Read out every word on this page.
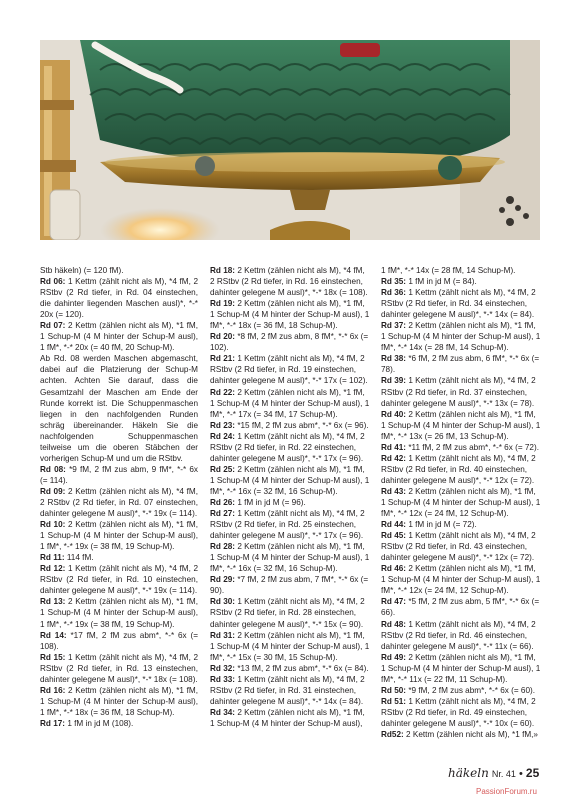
Stb häkeln) (= 120 fM).

Rd 06: 1 Kettm (zählt nicht als M), *4 fM, 2 RStbv (2 Rd tiefer, in Rd. 04 einstechen, die dahinter liegenden Maschen ausl)*, *-* 20x (= 120).

Rd 07: 2 Kettm (zählen nicht als M), *1 fM, 1 Schup-M (4 M hinter der Schup-M ausl), 1 fM*, *-* 20x (= 40 fM, 20 Schup-M).

Ab Rd. 08 werden Maschen abgemascht, dabei auf die Platzierung der Schup-M achten. Achten Sie darauf, dass die Gesamtzahl der Maschen am Ende der Runde korrekt ist. Die Schuppenmaschen liegen in den nachfolgenden Runden schräg übereinander. Häkeln Sie die nachfolgenden Schuppenmaschen teilweise um die oberen Stäbchen der vorherigen Schup-M und um die RStbv.

Rd 08: *9 fM, 2 fM zus abm, 9 fM*, *-* 6x (= 114).

Rd 09: 2 Kettm (zählen nicht als M), *4 fM, 2 RStbv (2 Rd tiefer, in Rd. 07 einstechen, dahinter gelegene M ausl)*, *-* 19x (= 114).

Rd 10: 2 Kettm (zählen nicht als M), *1 fM, 1 Schup-M (4 M hinter der Schup-M ausl), 1 fM*, *-* 19x (= 38 fM, 19 Schup-M).

Rd 11: 114 fM.

Rd 12: 1 Kettm (zählt nicht als M), *4 fM, 2 RStbv (2 Rd tiefer, in Rd. 10 einstechen, dahinter gelegene M ausl)*, *-* 19x (= 114).

Rd 13: 2 Kettm (zählen nicht als M), *1 fM, 1 Schup-M (4 M hinter der Schup-M ausl), 1 fM*, *-* 19x (= 38 fM, 19 Schup-M).

Rd 14: *17 fM, 2 fM zus abm*, *-* 6x (= 108).

Rd 15: 1 Kettm (zählt nicht als M), *4 fM, 2 RStbv (2 Rd tiefer, in Rd. 13 einstechen, dahinter gelegene M ausl)*, *-* 18x (= 108).

Rd 16: 2 Kettm (zählen nicht als M), *1 fM, 1 Schup-M (4 M hinter der Schup-M ausl), 1 fM*, *-* 18x (= 36 fM, 18 Schup-M).

Rd 17: 1 fM in jd M (108).

Rd 18: 2 Kettm (zählen nicht als M), *4 fM, 2 RStbv (2 Rd tiefer, in Rd. 16 einstechen, dahinter gelegene M ausl)*, *-* 18x (= 108).

Rd 19: 2 Kettm (zählen nicht als M), *1 fM, 1 Schup-M (4 M hinter der Schup-M ausl), 1 fM*, *-* 18x (= 36 fM, 18 Schup-M).

Rd 20: *8 fM, 2 fM zus abm, 8 fM*, *-* 6x (= 102).

Rd 21: 1 Kettm (zählt nicht als M), *4 fM, 2 RStbv (2 Rd tiefer, in Rd. 19 einstechen, dahinter gelegene M ausl)*, *-* 17x (= 102).

Rd 22: 2 Kettm (zählen nicht als M), *1 fM, 1 Schup-M (4 M hinter der Schup-M ausl), 1 fM*, *-* 17x (= 34 fM, 17 Schup-M).

Rd 23: *15 fM, 2 fM zus abm*, *-* 6x (= 96).

Rd 24: 1 Kettm (zählt nicht als M), *4 fM, 2 RStbv (2 Rd tiefer, in Rd. 22 einstechen, dahinter gelegene M ausl)*, *-* 17x (= 96).

Rd 25: 2 Kettm (zählen nicht als M), *1 fM, 1 Schup-M (4 M hinter der Schup-M ausl), 1 fM*, *-* 16x (= 32 fM, 16 Schup-M).

Rd 26: 1 fM in jd M (= 96).

Rd 27: 1 Kettm (zählt nicht als M), *4 fM, 2 RStbv (2 Rd tiefer, in Rd. 25 einstechen, dahinter gelegene M ausl)*, *-* 17x (= 96).

Rd 28: 2 Kettm (zählen nicht als M), *1 fM, 1 Schup-M (4 M hinter der Schup-M ausl), 1 fM*, *-* 16x (= 32 fM, 16 Schup-M).

Rd 29: *7 fM, 2 fM zus abm, 7 fM*, *-* 6x (= 90).

Rd 30: 1 Kettm (zählt nicht als M), *4 fM, 2 RStbv (2 Rd tiefer, in Rd. 28 einstechen, dahinter gelegene M ausl)*, *-* 15x (= 90).

Rd 31: 2 Kettm (zählen nicht als M), *1 fM, 1 Schup-M (4 M hinter der Schup-M ausl), 1 fM*, *-* 15x (= 30 fM, 15 Schup-M).

Rd 32: *13 fM, 2 fM zus abm*, *-* 6x (= 84).

Rd 33: 1 Kettm (zählt nicht als M), *4 fM, 2 RStbv (2 Rd tiefer, in Rd. 31 einstechen, dahinter gelegene M ausl)*, *-* 14x (= 84).

Rd 34: 2 Kettm (zählen nicht als M), *1 fM, 1 Schup-M (4 M hinter der Schup-M ausl),

1 fM*, *-* 14x (= 28 fM, 14 Schup-M).

Rd 35: 1 fM in jd M (= 84).

Rd 36: 1 Kettm (zählt nicht als M), *4 fM, 2 RStbv (2 Rd tiefer, in Rd. 34 einstechen, dahinter gelegene M ausl)*, *-* 14x (= 84).

Rd 37: 2 Kettm (zählen nicht als M), *1 fM, 1 Schup-M (4 M hinter der Schup-M ausl), 1 fM*, *-* 14x (= 28 fM, 14 Schup-M).

Rd 38: *6 fM, 2 fM zus abm, 6 fM*, *-* 6x (= 78).

Rd 39: 1 Kettm (zählt nicht als M), *4 fM, 2 RStbv (2 Rd tiefer, in Rd. 37 einstechen, dahinter gelegene M ausl)*, *-* 13x (= 78).

Rd 40: 2 Kettm (zählen nicht als M), *1 fM, 1 Schup-M (4 M hinter der Schup-M ausl), 1 fM*, *-* 13x (= 26 fM, 13 Schup-M).

Rd 41: *11 fM, 2 fM zus abm*, *-* 6x (= 72).

Rd 42: 1 Kettm (zählt nicht als M), *4 fM, 2 RStbv (2 Rd tiefer, in Rd. 40 einstechen, dahinter gelegene M ausl)*, *-* 12x (= 72).

Rd 43: 2 Kettm (zählen nicht als M), *1 fM, 1 Schup-M (4 M hinter der Schup-M ausl), 1 fM*, *-* 12x (= 24 fM, 12 Schup-M).

Rd 44: 1 fM in jd M (= 72).

Rd 45: 1 Kettm (zählt nicht als M), *4 fM, 2 RStbv (2 Rd tiefer, in Rd. 43 einstechen, dahinter gelegene M ausl)*, *-* 12x (= 72).

Rd 46: 2 Kettm (zählen nicht als M), *1 fM, 1 Schup-M (4 M hinter der Schup-M ausl), 1 fM*, *-* 12x (= 24 fM, 12 Schup-M).

Rd 47: *5 fM, 2 fM zus abm, 5 fM*, *-* 6x (= 66).

Rd 48: 1 Kettm (zählt nicht als M), *4 fM, 2 RStbv (2 Rd tiefer, in Rd. 46 einstechen, dahinter gelegene M ausl)*, *-* 11x (= 66).

Rd 49: 2 Kettm (zählen nicht als M), *1 fM, 1 Schup-M (4 M hinter der Schup-M ausl), 1 fM*, *-* 11x (= 22 fM, 11 Schup-M).

Rd 50: *9 fM, 2 fM zus abm*, *-* 6x (= 60).

Rd 51: 1 Kettm (zählt nicht als M), *4 fM, 2 RStbv (2 Rd tiefer, in Rd. 49 einstechen, dahinter gelegene M ausl)*, *-* 10x (= 60).

Rd52: 2 Kettm (zählen nicht als M), *1 fM,»

häkeln Nr. 41 • 25
PassionForum.ru
